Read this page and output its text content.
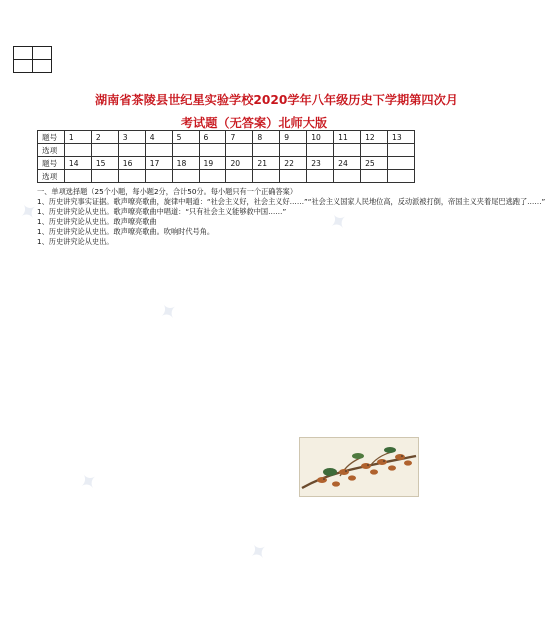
湖南省茶陵县世纪星实验学校2020学年八年级历史下学期第四次月
考试题（无答案）北师大版
题号	1	2	3	4	5	6	7	8	9	10	11	12	13
选项													
题号	14	15	16	17	18	19	20	21	22	23	24	25	
选项													
一、单项选择题（25个小题，每小题2分，合计50分。每小题只有一个正确答案）
1、历史讲究事实证据。歌声嘹亮歌曲，旋律中唱道：“社会主义好，社会主义好……”“社会主义国家人民地位高，反动派被打倒，帝国主义夹着尾巴逃跑了……”
1、历史讲究论从史出。歌声嘹亮歌曲中唱道：“只有社会主义能够救中国……”
1、历史讲究论从史出。敢声嘹亮歌曲
1、历史讲究论从史出。敢声嘹亮歌曲。吹响时代号角。
1、历史讲究论从史出。
✦
✦
✦
✦
✦
